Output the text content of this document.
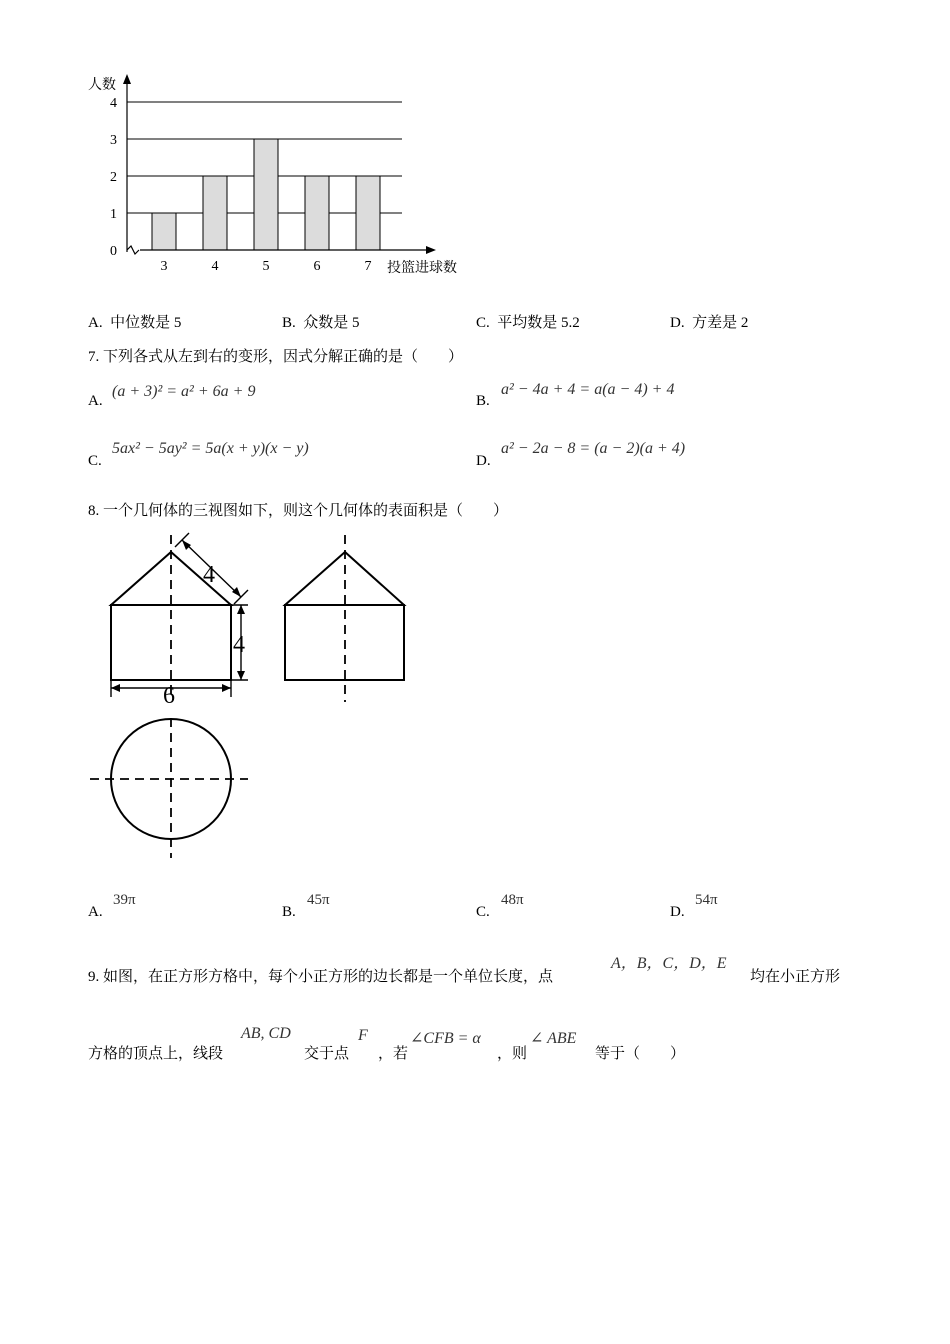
0
1
2
3
4
3	4	5	6	7
人数
投篮进球数
A. 中位数是 5	B. 众数是 5	C. 平均数是 5.2	D. 方差是 2
7. 下列各式从左到右的变形，因式分解正确的是（　　）
A.
(a + 3)² = a² + 6a + 9
B.
a² − 4a + 4 = a(a − 4) + 4
C.
5ax² − 5ay² = 5a(x + y)(x − y)
D.
a² − 2a − 8 = (a − 2)(a + 4)
8. 一个几何体的三视图如下，则这个几何体的表面积是（　　）
4
4
6
A.
39π
B.
45π
C.
48π
D.
54π
9. 如图，在正方形方格中，每个小正方形的边长都是一个单位长度，点
A，B，C，D，E
均在小正方形
方格的顶点上，线段
AB, CD
交于点
F
，若
∠CFB = α
，则
∠ ABE
等于（　　）
